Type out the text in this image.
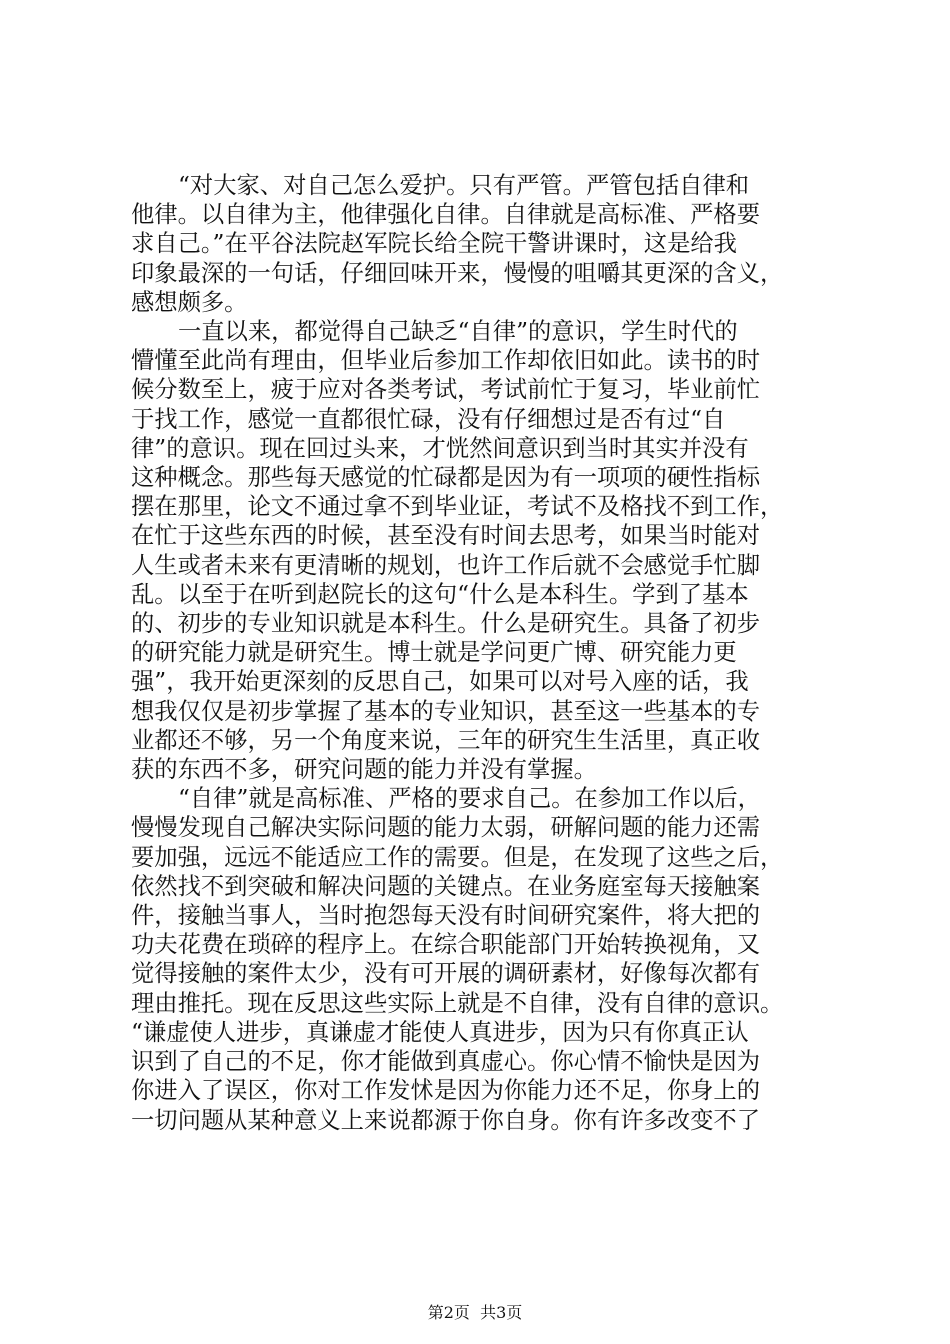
“对大家、对自己怎么爱护。只有严管。严管包括自律和
他律。以自律为主，他律强化自律。自律就是高标准、严格要
求自己。”在平谷法院赵军院长给全院干警讲课时，这是给我
印象最深的一句话，仔细回味开来，慢慢的咀嚼其更深的含义，
感想颇多。
一直以来，都觉得自己缺乏“自律”的意识，学生时代的
懵懂至此尚有理由，但毕业后参加工作却依旧如此。读书的时
候分数至上，疲于应对各类考试，考试前忙于复习，毕业前忙
于找工作，感觉一直都很忙碌，没有仔细想过是否有过“自
律”的意识。现在回过头来，才恍然间意识到当时其实并没有
这种概念。那些每天感觉的忙碌都是因为有一项项的硬性指标
摆在那里，论文不通过拿不到毕业证，考试不及格找不到工作，
在忙于这些东西的时候，甚至没有时间去思考，如果当时能对
人生或者未来有更清晰的规划，也许工作后就不会感觉手忙脚
乱。以至于在听到赵院长的这句“什么是本科生。学到了基本
的、初步的专业知识就是本科生。什么是研究生。具备了初步
的研究能力就是研究生。博士就是学问更广博、研究能力更
强”，我开始更深刻的反思自己，如果可以对号入座的话，我
想我仅仅是初步掌握了基本的专业知识，甚至这一些基本的专
业都还不够，另一个角度来说，三年的研究生生活里，真正收
获的东西不多，研究问题的能力并没有掌握。
“自律”就是高标准、严格的要求自己。在参加工作以后，
慢慢发现自己解决实际问题的能力太弱，研解问题的能力还需
要加强，远远不能适应工作的需要。但是，在发现了这些之后，
依然找不到突破和解决问题的关键点。在业务庭室每天接触案
件，接触当事人，当时抱怨每天没有时间研究案件，将大把的
功夫花费在琐碎的程序上。在综合职能部门开始转换视角，又
觉得接触的案件太少，没有可开展的调研素材，好像每次都有
理由推托。现在反思这些实际上就是不自律，没有自律的意识。
“谦虚使人进步，真谦虚才能使人真进步，因为只有你真正认
识到了自己的不足，你才能做到真虚心。你心情不愉快是因为
你进入了误区，你对工作发怵是因为你能力还不足，你身上的
一切问题从某种意义上来说都源于你自身。你有许多改变不了
第2页  共3页
